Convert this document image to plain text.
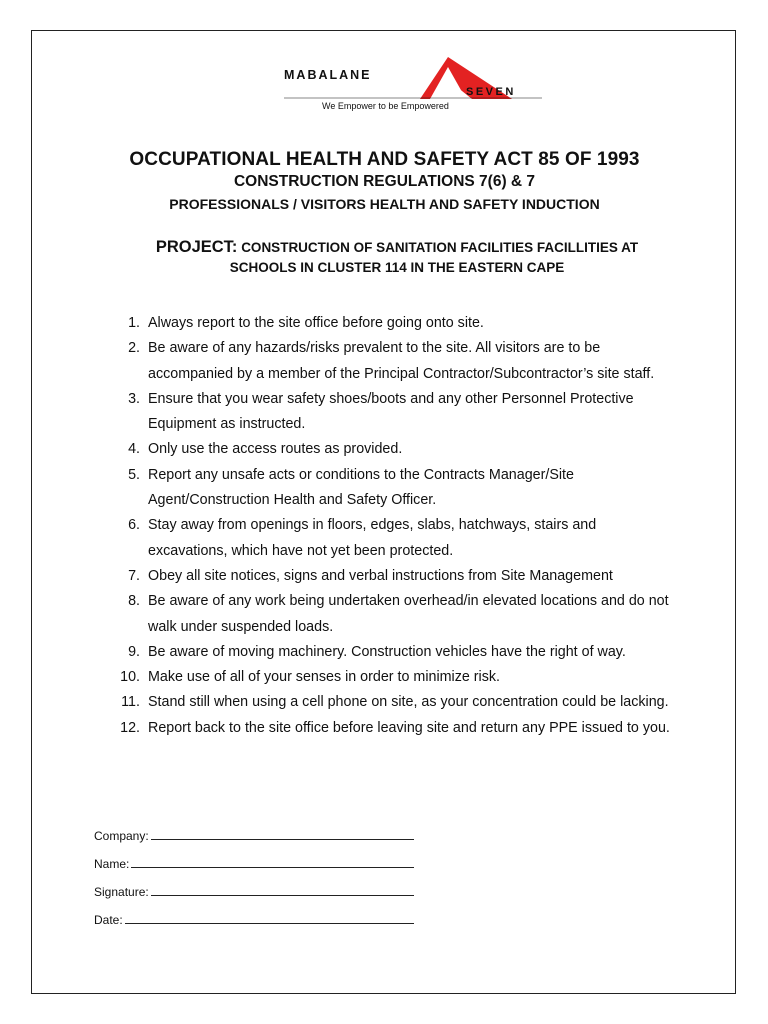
MABALANE
SEVEN
We Empower to be Empowered
OCCUPATIONAL HEALTH AND SAFETY ACT 85 OF 1993
CONSTRUCTION REGULATIONS 7(6) & 7
PROFESSIONALS / VISITORS HEALTH AND SAFETY INDUCTION
PROJECT: CONSTRUCTION OF SANITATION FACILITIES FACILLITIES AT
SCHOOLS IN CLUSTER 114 IN THE EASTERN CAPE
1. Always report to the site office before going onto site.
2. Be aware of any hazards/risks prevalent to the site. All visitors are to be accompanied by a member of the Principal Contractor/Subcontractor’s site staff.
3. Ensure that you wear safety shoes/boots and any other Personnel Protective Equipment as instructed.
4. Only use the access routes as provided.
5. Report any unsafe acts or conditions to the Contracts Manager/Site Agent/Construction Health and Safety Officer.
6. Stay away from openings in floors, edges, slabs, hatchways, stairs and excavations, which have not yet been protected.
7. Obey all site notices, signs and verbal instructions from Site Management
8. Be aware of any work being undertaken overhead/in elevated locations and do not walk under suspended loads.
9. Be aware of moving machinery. Construction vehicles have the right of way.
10. Make use of all of your senses in order to minimize risk.
11. Stand still when using a cell phone on site, as your concentration could be lacking.
12. Report back to the site office before leaving site and return any PPE issued to you.
Company:
Name:
Signature:
Date:
